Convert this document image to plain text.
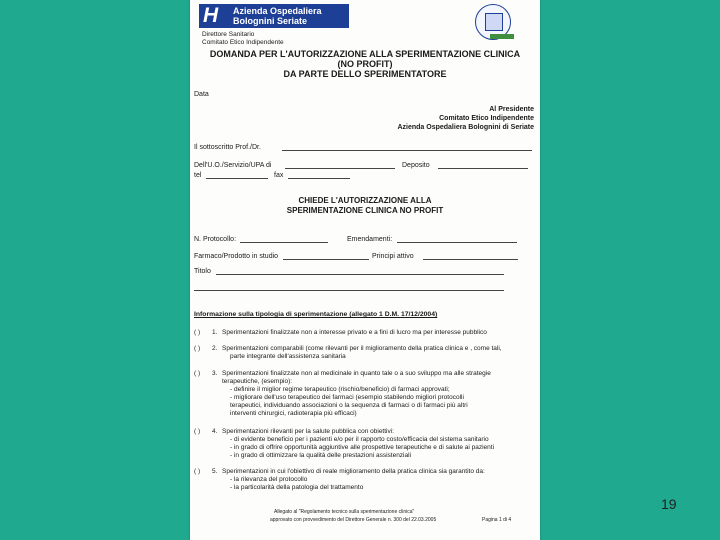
H Azienda Ospedaliera
Bolognini Seriate
Direttore Sanitario
Comitato Etico Indipendente
DOMANDA PER L'AUTORIZZAZIONE ALLA SPERIMENTAZIONE CLINICA
(NO PROFIT)
DA PARTE DELLO SPERIMENTATORE
Data
Al Presidente
Comitato Etico Indipendente
Azienda Ospedaliera Bolognini di Seriate
Il sottoscritto Prof./Dr.
Dell'U.O./Servizio/UPA di	Deposito
tel	fax
CHIEDE L'AUTORIZZAZIONE ALLA
SPERIMENTAZIONE CLINICA NO PROFIT
N. Protocollo:	Emendamenti:
Farmaco/Prodotto in studio	Principi attivo
Titolo
Informazione sulla tipologia di sperimentazione (allegato 1 D.M. 17/12/2004)
( ) 1. Sperimentazioni finalizzate non a interesse privato e a fini di lucro ma per interesse pubblico
( ) 2. Sperimentazioni comparabili (come rilevanti per il miglioramento della pratica clinica e , come tali,
parte integrante dell'assistenza sanitaria
( ) 3. Sperimentazioni finalizzate non al medicinale in quanto tale o a suo sviluppo ma alle strategie
terapeutiche, (esempio):
- definire il miglior regime terapeutico (rischio/beneficio) di farmaci approvati;
- migliorare dell'uso terapeutico dei farmaci (esempio stabilendo migliori protocolli
terapeutici, individuando associazioni o la sequenza di farmaci o di farmaci più altri
interventi chirurgici, radioterapia più efficaci)
( ) 4. Sperimentazioni rilevanti per la salute pubblica con obiettivi:
- di evidente beneficio per i pazienti e/o per il rapporto costo/efficacia del sistema sanitario
- in grado di offrire opportunità aggiuntive alle prospettive terapeutiche e di salute ai pazienti
- in grado di ottimizzare la qualità delle prestazioni assistenziali
( ) 5. Sperimentazioni in cui l'obiettivo di reale miglioramento della pratica clinica sia garantito da:
- la rilevanza del protocollo
- la particolarità della patologia del trattamento
Allegato al "Regolamento tecnico sulla sperimentazione clinica"
approvato con provvedimento del Direttore Generale n. 300 del 22.03.2005	Pagina 1 di 4
19
